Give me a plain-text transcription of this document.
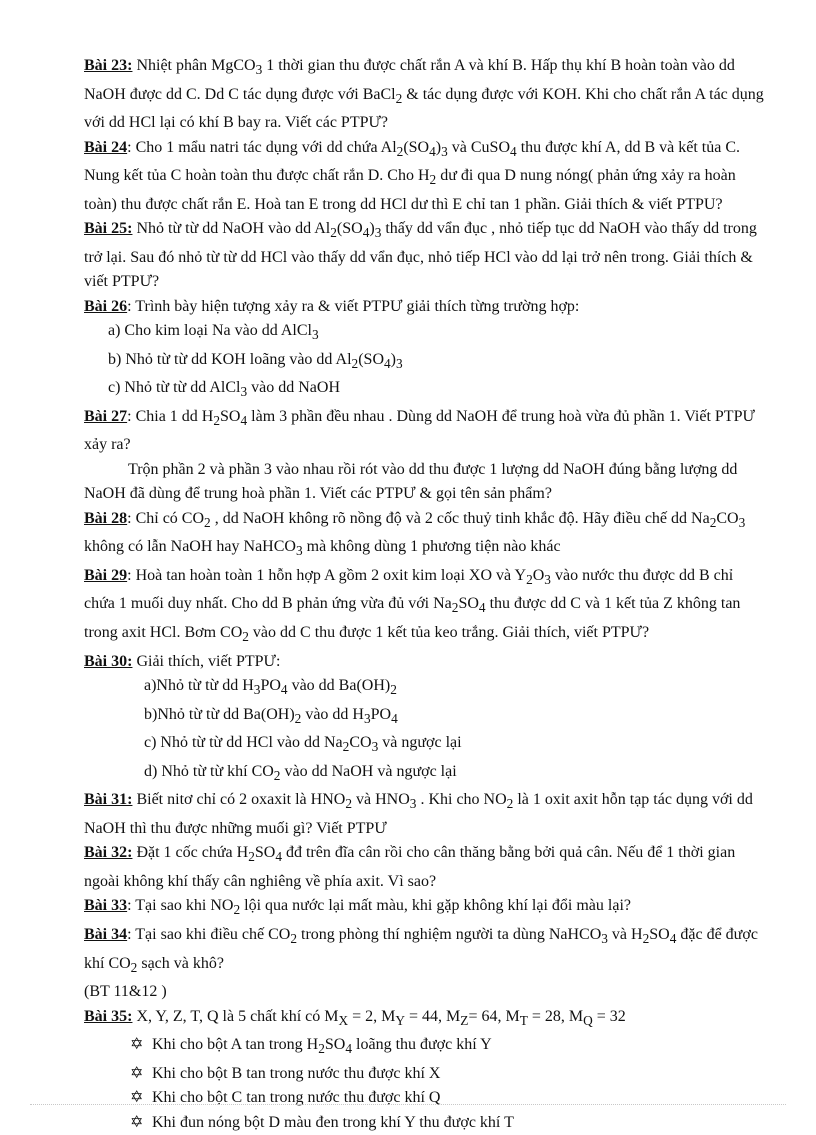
Bài 23: Nhiệt phân MgCO$_3$ 1 thời gian thu được chất rắn A và khí B. Hấp thụ khí B hoàn toàn vào dd NaOH được dd C. Dd C tác dụng được với BaCl$_2$ & tác dụng được với KOH. Khi cho chất rắn A tác dụng với dd HCl lại có khí B bay ra. Viết các PTPƯ?

Bài 24: Cho 1 mẩu natri tác dụng với dd chứa $Al_2(SO_4)_3$ và CuSO$_4$ thu được khí A, dd B và kết tủa C. Nung kết tủa C hoàn toàn thu được chất rắn D. Cho $H_2$ dư đi qua D nung nóng( phản ứng xảy ra hoàn toàn) thu được chất rắn E. Hoà tan E trong dd HCl dư thì E chỉ tan 1 phần. Giải thích & viết PTPU?

Bài 25: Nhỏ từ từ dd NaOH vào dd $Al_2(SO_4)_3$ thấy dd vẩn đục , nhỏ tiếp tục dd NaOH vào thấy dd trong trở lại. Sau đó nhỏ từ từ dd HCl vào thấy dd vẩn đục, nhỏ tiếp HCl vào dd lại trở nên trong. Giải thích & viết PTPƯ?

Bài 26: Trình bày hiện tượng xảy ra & viết PTPƯ giải thích từng trường hợp:

a) Cho kim loại Na vào dd AlCl$_3$

b) Nhỏ từ từ dd KOH loãng vào dd $Al_2(SO_4)_3$

c) Nhỏ từ từ dd AlCl$_3$ vào dd NaOH

Bài 27: Chia 1 dd $H_2SO_4$ làm 3 phần đều nhau . Dùng dd NaOH để trung hoà vừa đủ phần 1. Viết PTPƯ xảy ra?

Trộn phần 2 và phần 3 vào nhau rồi rót vào dd thu được 1 lượng dd NaOH đúng bằng lượng dd NaOH đã dùng để trung hoà phần 1. Viết các PTPƯ & gọi tên sản phẩm?

Bài 28: Chỉ có $CO_2$ , dd NaOH không rõ nồng độ và 2 cốc thuỷ tinh khắc độ. Hãy điều chế dd $Na_2CO_3$ không có lẫn NaOH hay NaHCO$_3$ mà không dùng 1 phương tiện nào khác

Bài 29: Hoà tan hoàn toàn 1 hỗn hợp A gồm 2 oxit kim loại XO và $Y_2O_3$ vào nước thu được dd B chỉ chứa 1 muối duy nhất. Cho dd B phản ứng vừa đủ với $Na_2SO_4$ thu được dd C và 1 kết tủa Z không tan trong axit HCl. Bơm $CO_2$ vào dd C thu được 1 kết tủa keo trắng. Giải thích, viết PTPƯ?

Bài 30: Giải thích, viết PTPƯ:

a)Nhỏ từ từ dd $H_3PO_4$ vào dd $Ba(OH)_2$

b)Nhỏ từ từ dd $Ba(OH)_2$ vào dd $H_3PO_4$

c) Nhỏ từ từ dd HCl vào dd $Na_2CO_3$ và ngược lại

d) Nhỏ từ từ khí $CO_2$ vào dd NaOH và ngược lại

Bài 31: Biết nitơ chỉ có 2 oxaxit là $HNO_2$ và $HNO_3$ . Khi cho $NO_2$ là 1 oxit axit hỗn tạp tác dụng với dd NaOH thì thu được những muối gì? Viết PTPƯ

Bài 32: Đặt 1 cốc chứa $H_2SO_4$ đđ trên đĩa cân rồi cho cân thăng bằng bởi quả cân. Nếu để 1 thời gian ngoài không khí thấy cân nghiêng về phía axit. Vì sao?

Bài 33: Tại sao khi $NO_2$ lội qua nước lại mất màu, khi gặp không khí lại đổi màu lại?

Bài 34: Tại sao khi điều chế $CO_2$ trong phòng thí nghiệm người ta dùng NaHCO$_3$ và $H_2SO_4$ đặc để được khí $CO_2$ sạch và khô?

(BT 11&12 )

Bài 35: X, Y, Z, T, Q là 5 chất khí có $M_X = 2$, $M_Y = 44$, $M_Z= 64$, $M_T = 28$, $M_Q = 32$

✡ Khi cho bột A tan trong $H_2SO_4$ loãng thu được khí Y

✡ Khi cho bột B tan trong nước thu được khí X

✡ Khi cho bột C tan trong nước thu được khí Q

✡ Khi đun nóng bột D màu đen trong khí Y thu được khí T
